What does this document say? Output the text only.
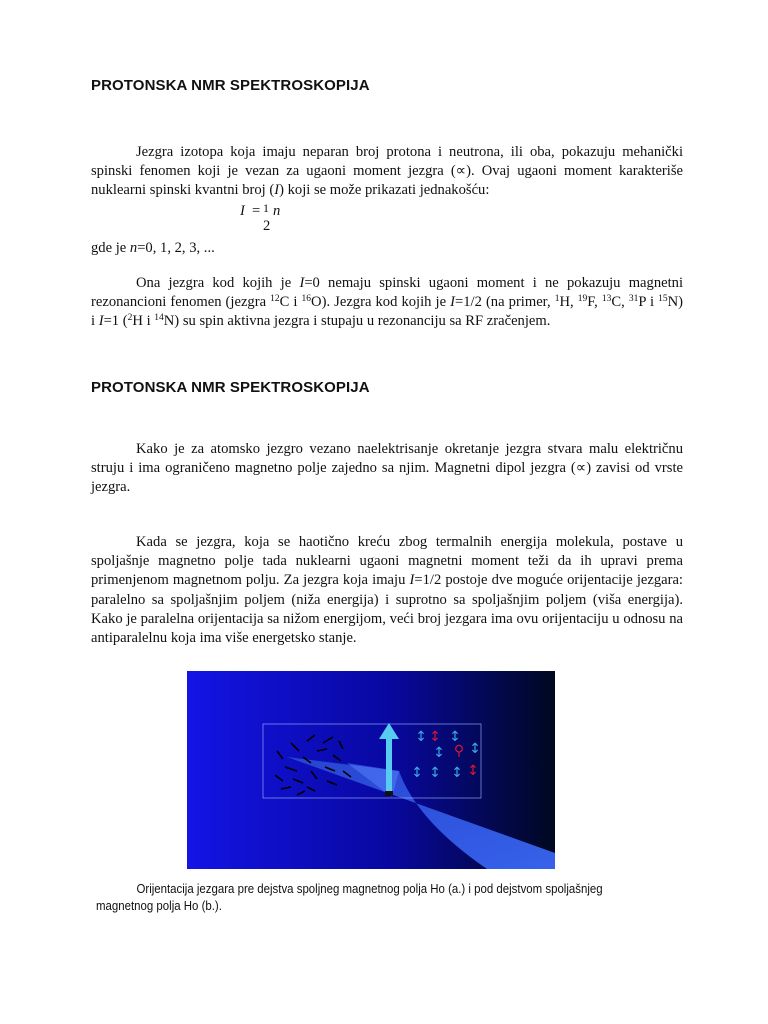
PROTONSKA NMR SPEKTROSKOPIJA

Jezgra izotopa koja imaju neparan broj protona i neutrona, ili oba, pokazuju mehanički spinski fenomen koji je vezan za ugaoni moment jezgra (∝). Ovaj ugaoni moment karakteriše nuklearni spinski kvantni broj (I) koji se može prikazati jednakošću:

I = 1 n
2

gde je n=0, 1, 2, 3, ...

Ona jezgra kod kojih je I=0 nemaju spinski ugaoni moment i ne pokazuju magnetni rezonancioni fenomen (jezgra $^{12}$C i $^{16}$O). Jezgra kod kojih je I=1/2 (na primer, $^1$H, $^{19}$F, $^{13}$C, $^{31}$P i $^{15}$N) i I=1 ($^2$H i $^{14}$N) su spin aktivna jezgra i stupaju u rezonanciju sa RF zračenjem.

PROTONSKA NMR SPEKTROSKOPIJA

Kako je za atomsko jezgro vezano naelektrisanje okretanje jezgra stvara malu električnu struju i ima ograničeno magnetno polje zajedno sa njim. Magnetni dipol jezgra (∝) zavisi od vrste jezgra.

Kada se jezgra, koja se haotično kreću zbog termalnih energija molekula, postave u spoljašnje magnetno polje tada nuklearni ugaoni magnetni moment teži da ih upravi prema primenjenom magnetnom polju. Za jezgra koja imaju I=1/2 postoje dve moguće orijentacije jezgara: paralelno sa spoljašnjim poljem (niža energija) i suprotno sa spoljašnjim poljem (viša energija). Kako je paralelna orijentacija sa nižom energijom, veći broj jezgara ima ovu orijentaciju u odnosu na antiparalelnu koja ima više energetsko stanje.

↕ ↕ ↕
↕ ⚲ ↕
↕ ↕ ↕ ↕
Orijentacija jezgara pre dejstva spoljneg magnetnog polja Ho (a.) i pod dejstvom spoljašnjeg
magnetnog polja Ho (b.).
